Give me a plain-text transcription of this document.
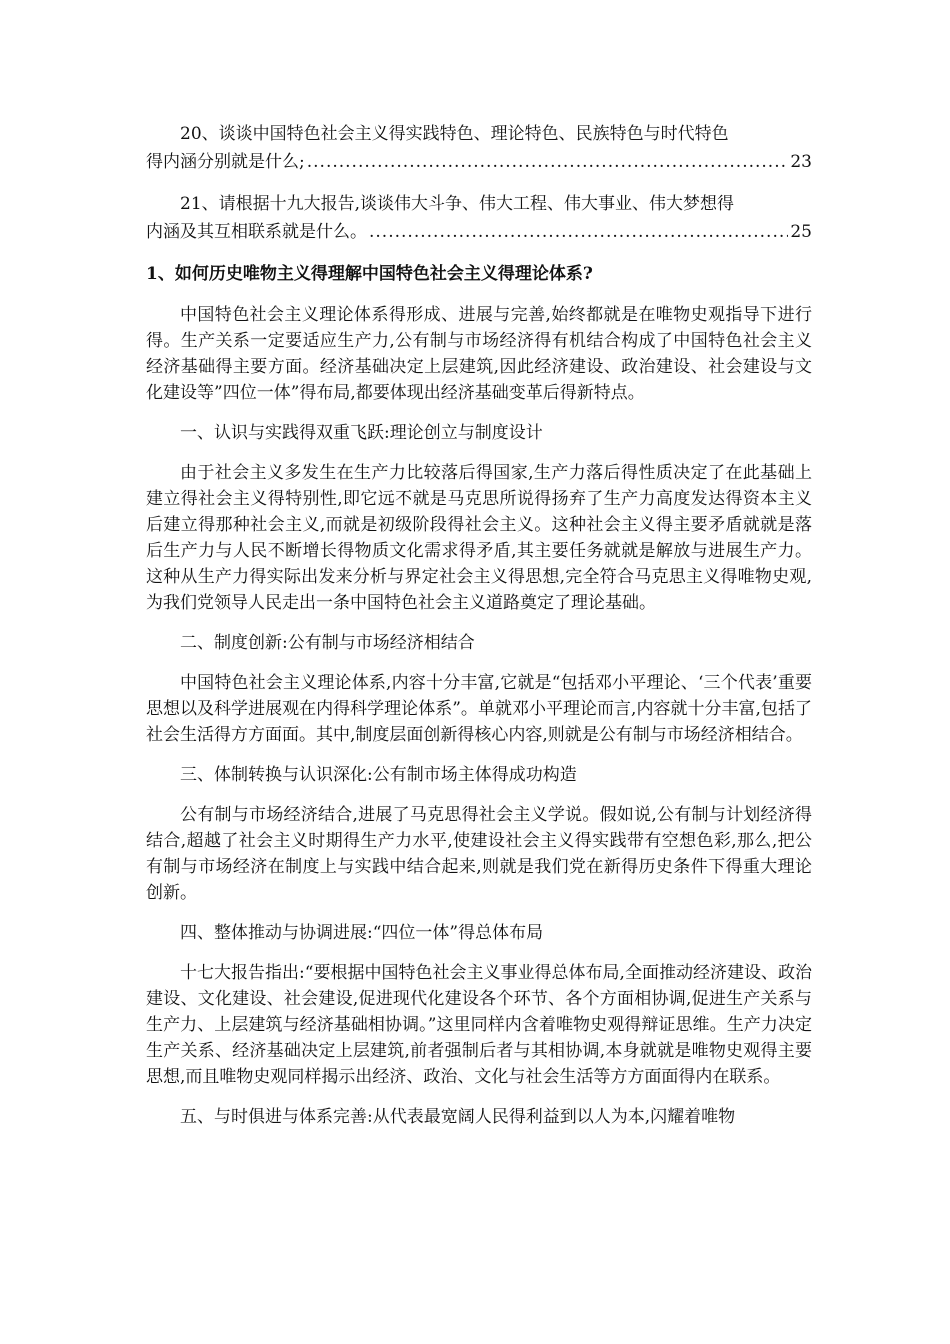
20、谈谈中国特色社会主义得实践特色、理论特色、民族特色与时代特色
得内涵分别就是什么; .....	23
21、请根据十九大报告,谈谈伟大斗争、伟大工程、伟大事业、伟大梦想得
内涵及其互相联系就是什么。 .....	25
1、如何历史唯物主义得理解中国特色社会主义得理论体系?

中国特色社会主义理论体系得形成、进展与完善,始终都就是在唯物史观指导下进行得。生产关系一定要适应生产力,公有制与市场经济得有机结合构成了中国特色社会主义经济基础得主要方面。经济基础决定上层建筑,因此经济建设、政治建设、社会建设与文化建设等”四位一体”得布局,都要体现出经济基础变革后得新特点。

一、认识与实践得双重飞跃:理论创立与制度设计

由于社会主义多发生在生产力比较落后得国家,生产力落后得性质决定了在此基础上建立得社会主义得特别性,即它远不就是马克思所说得扬弃了生产力高度发达得资本主义后建立得那种社会主义,而就是初级阶段得社会主义。这种社会主义得主要矛盾就就是落后生产力与人民不断增长得物质文化需求得矛盾,其主要任务就就是解放与进展生产力。这种从生产力得实际出发来分析与界定社会主义得思想,完全符合马克思主义得唯物史观,为我们党领导人民走出一条中国特色社会主义道路奠定了理论基础。

二、制度创新:公有制与市场经济相结合

中国特色社会主义理论体系,内容十分丰富,它就是“包括邓小平理论、‘三个代表’重要思想以及科学进展观在内得科学理论体系”。单就邓小平理论而言,内容就十分丰富,包括了社会生活得方方面面。其中,制度层面创新得核心内容,则就是公有制与市场经济相结合。

三、体制转换与认识深化:公有制市场主体得成功构造

公有制与市场经济结合,进展了马克思得社会主义学说。假如说,公有制与计划经济得结合,超越了社会主义时期得生产力水平,使建设社会主义得实践带有空想色彩,那么,把公有制与市场经济在制度上与实践中结合起来,则就是我们党在新得历史条件下得重大理论创新。

四、整体推动与协调进展:“四位一体”得总体布局

十七大报告指出:“要根据中国特色社会主义事业得总体布局,全面推动经济建设、政治建设、文化建设、社会建设,促进现代化建设各个环节、各个方面相协调,促进生产关系与生产力、上层建筑与经济基础相协调。”这里同样内含着唯物史观得辩证思维。生产力决定生产关系、经济基础决定上层建筑,前者强制后者与其相协调,本身就就是唯物史观得主要思想,而且唯物史观同样揭示出经济、政治、文化与社会生活等方方面面得内在联系。

五、与时俱进与体系完善:从代表最宽阔人民得利益到以人为本,闪耀着唯物
